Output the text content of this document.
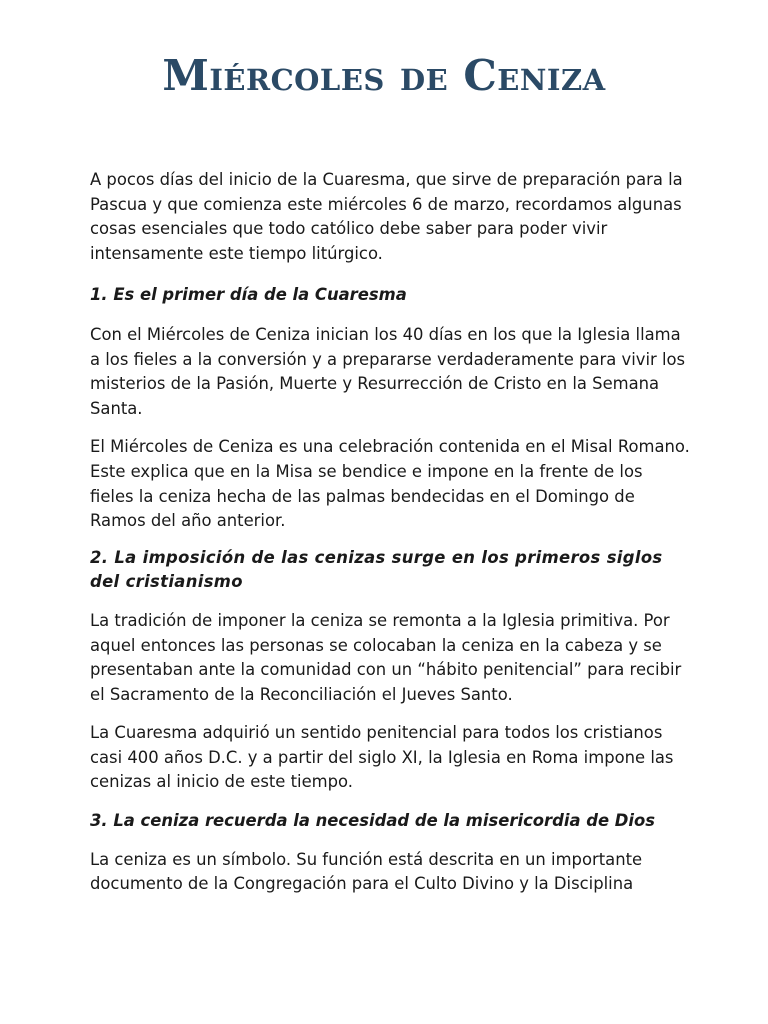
Miércoles de Ceniza

A pocos días del inicio de la Cuaresma, que sirve de preparación para la Pascua y que comienza este miércoles 6 de marzo, recordamos algunas cosas esenciales que todo católico debe saber para poder vivir intensamente este tiempo litúrgico.

1. Es el primer día de la Cuaresma

Con el Miércoles de Ceniza inician los 40 días en los que la Iglesia llama a los fieles a la conversión y a prepararse verdaderamente para vivir los misterios de la Pasión, Muerte y Resurrección de Cristo en la Semana Santa.

El Miércoles de Ceniza es una celebración contenida en el Misal Romano. Este explica que en la Misa se bendice e impone en la frente de los fieles la ceniza hecha de las palmas bendecidas en el Domingo de Ramos del año anterior.

2. La imposición de las cenizas surge en los primeros siglos del cristianismo

La tradición de imponer la ceniza se remonta a la Iglesia primitiva. Por aquel entonces las personas se colocaban la ceniza en la cabeza y se presentaban ante la comunidad con un “hábito penitencial” para recibir el Sacramento de la Reconciliación el Jueves Santo.

La Cuaresma adquirió un sentido penitencial para todos los cristianos casi 400 años D.C. y a partir del siglo XI, la Iglesia en Roma impone las cenizas al inicio de este tiempo.

3. La ceniza recuerda la necesidad de la misericordia de Dios

La ceniza es un símbolo. Su función está descrita en un importante documento de la Congregación para el Culto Divino y la Disciplina
